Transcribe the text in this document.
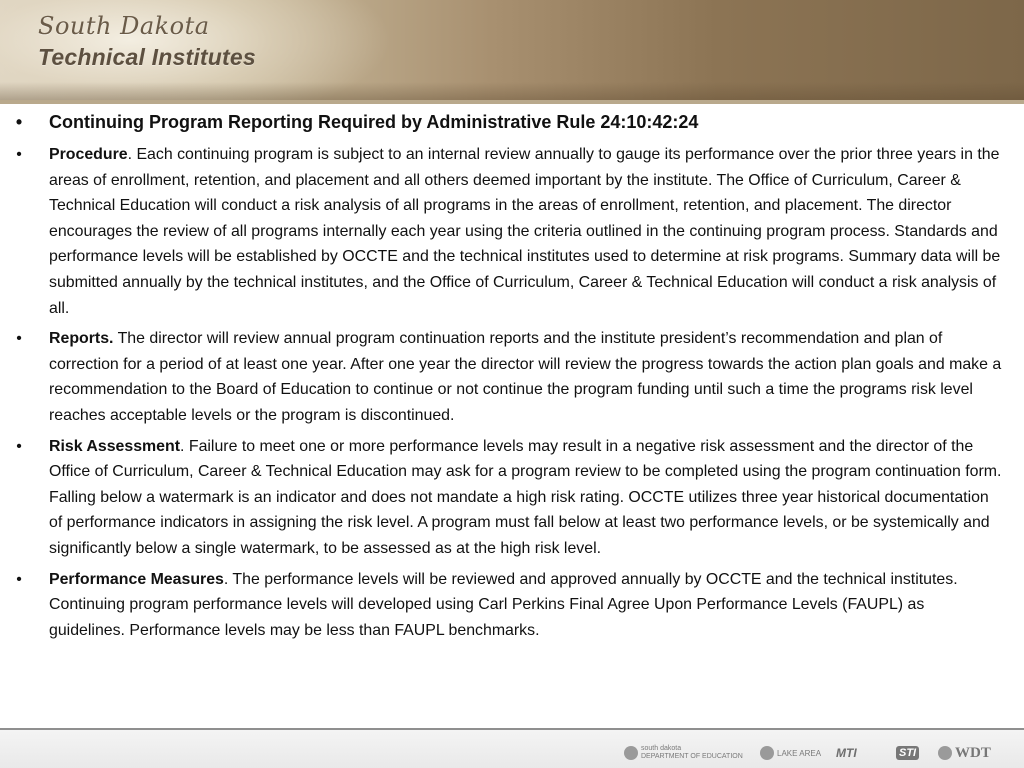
South Dakota
Technical Institutes
• Continuing Program Reporting Required by Administrative Rule 24:10:42:24
• Procedure. Each continuing program is subject to an internal review annually to gauge its performance over the prior three years in the areas of enrollment, retention, and placement and all others deemed important by the institute. The Office of Curriculum, Career & Technical Education will conduct a risk analysis of all programs in the areas of enrollment, retention, and placement. The director encourages the review of all programs internally each year using the criteria outlined in the continuing program process. Standards and performance levels will be established by OCCTE and the technical institutes used to determine at risk programs. Summary data will be submitted annually by the technical institutes, and the Office of Curriculum, Career & Technical Education will conduct a risk analysis of all.
• Reports. The director will review annual program continuation reports and the institute president’s recommendation and plan of correction for a period of at least one year. After one year the director will review the progress towards the action plan goals and make a recommendation to the Board of Education to continue or not continue the program funding until such a time the programs risk level reaches acceptable levels or the program is discontinued.
• Risk Assessment. Failure to meet one or more performance levels may result in a negative risk assessment and the director of the Office of Curriculum, Career & Technical Education may ask for a program review to be completed using the program continuation form. Falling below a watermark is an indicator and does not mandate a high risk rating. OCCTE utilizes three year historical documentation of performance indicators in assigning the risk level. A program must fall below at least two performance levels, or be systemically and significantly below a single watermark, to be assessed as at the high risk level.
• Performance Measures. The performance levels will be reviewed and approved annually by OCCTE and the technical institutes. Continuing program performance levels will developed using Carl Perkins Final Agree Upon Performance Levels (FAUPL) as guidelines. Performance levels may be less than FAUPL benchmarks.
south dakota
DEPARTMENT OF EDUCATION	LAKE AREA MTI	STI	WDT
